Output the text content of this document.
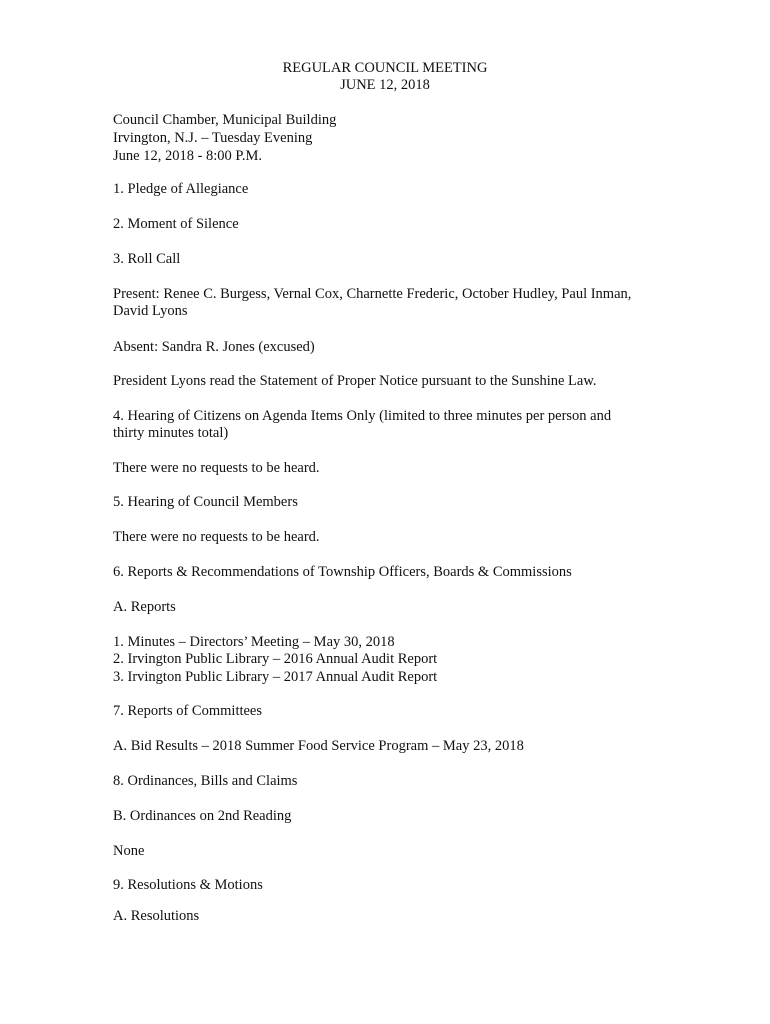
REGULAR COUNCIL MEETING
JUNE 12, 2018
Council Chamber, Municipal Building
Irvington, N.J. – Tuesday Evening
June 12, 2018 - 8:00 P.M.
1. Pledge of Allegiance
2. Moment of Silence
3. Roll Call
Present: Renee C. Burgess, Vernal Cox, Charnette Frederic, October Hudley, Paul Inman,
David Lyons
Absent: Sandra R. Jones (excused)
President Lyons read the Statement of Proper Notice pursuant to the Sunshine Law.
4. Hearing of Citizens on Agenda Items Only (limited to three minutes per person and
thirty minutes total)
There were no requests to be heard.
5. Hearing of Council Members
There were no requests to be heard.
6. Reports & Recommendations of Township Officers, Boards & Commissions
A. Reports
1. Minutes – Directors’ Meeting – May 30, 2018
2. Irvington Public Library – 2016 Annual Audit Report
3. Irvington Public Library – 2017 Annual Audit Report
7. Reports of Committees
A. Bid Results – 2018 Summer Food Service Program – May 23, 2018
8. Ordinances, Bills and Claims
B. Ordinances on 2nd Reading
None
9. Resolutions & Motions
A. Resolutions
